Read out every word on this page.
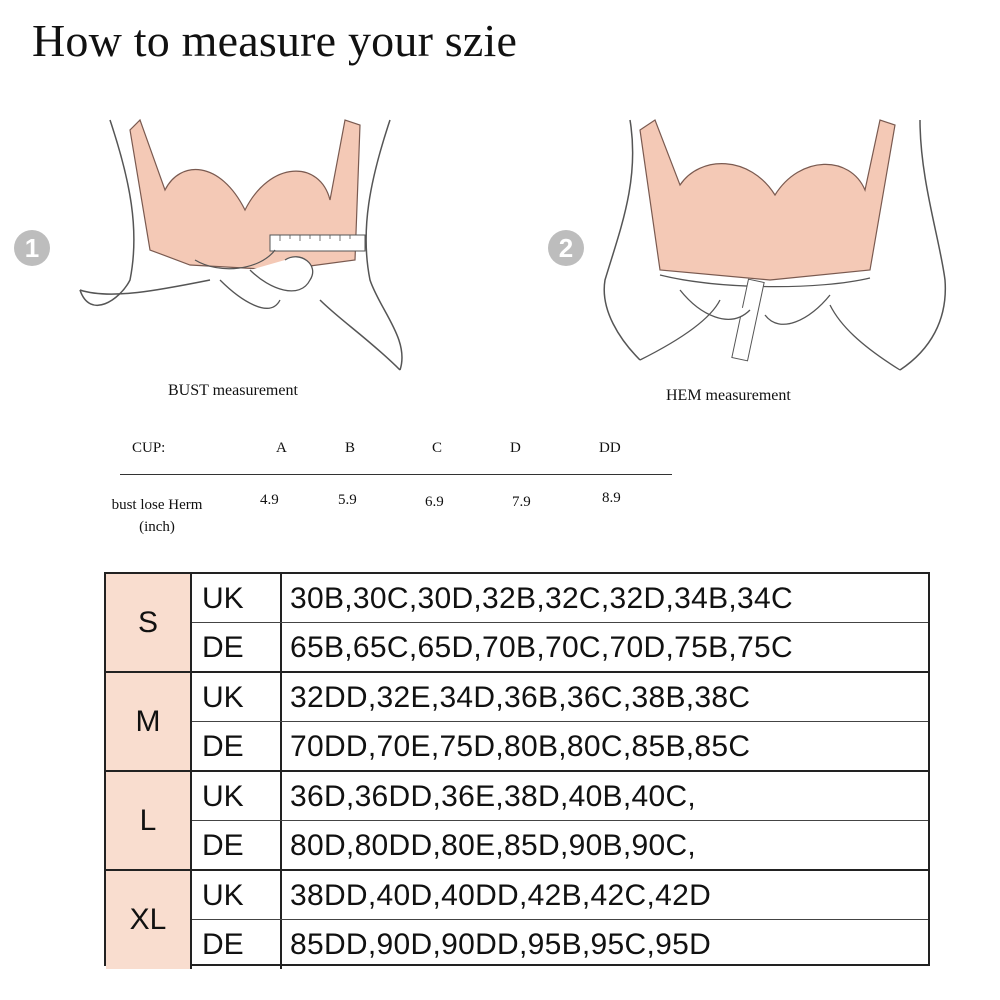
How to measure your szie
1
BUST measurement
2
HEM measurement
CUP:	A	B	C	D	DD
bust lose Herm
(inch)
4.9	5.9	6.9	7.9	8.9
S
UK	30B,30C,30D,32B,32C,32D,34B,34C
DE	65B,65C,65D,70B,70C,70D,75B,75C
M
UK	32DD,32E,34D,36B,36C,38B,38C
DE	70DD,70E,75D,80B,80C,85B,85C
L
UK	36D,36DD,36E,38D,40B,40C,
DE	80D,80DD,80E,85D,90B,90C,
XL
UK	38DD,40D,40DD,42B,42C,42D
DE	85DD,90D,90DD,95B,95C,95D
